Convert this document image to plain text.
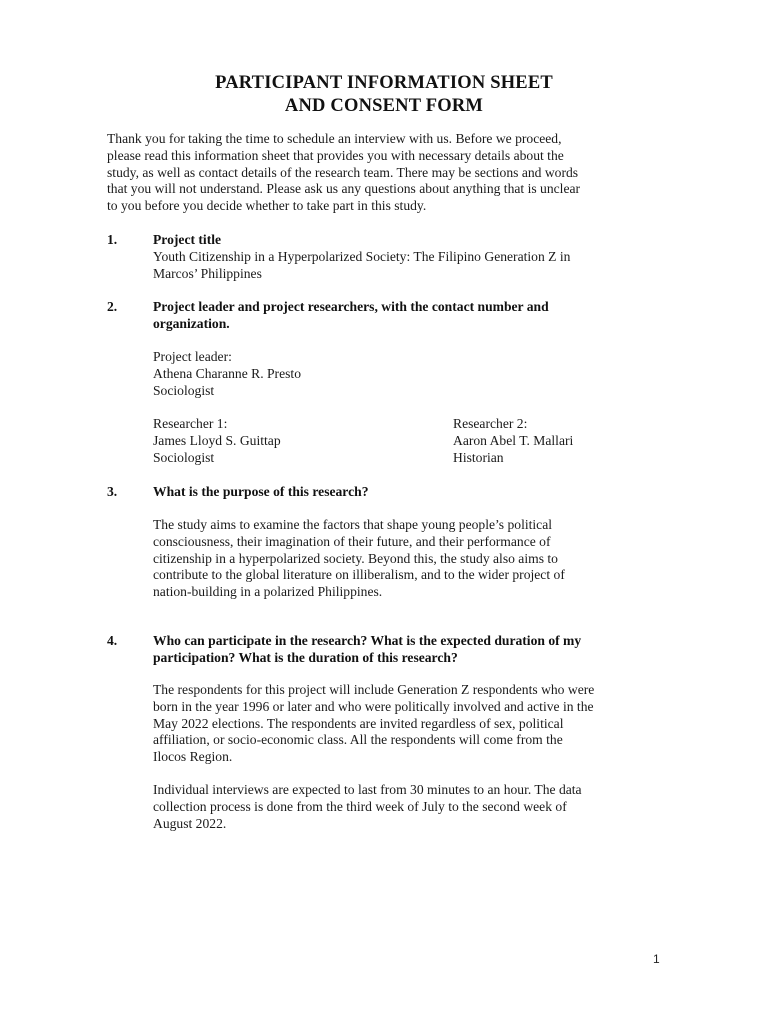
PARTICIPANT INFORMATION SHEET
AND CONSENT FORM
Thank you for taking the time to schedule an interview with us. Before we proceed,
please read this information sheet that provides you with necessary details about the
study, as well as contact details of the research team. There may be sections and words
that you will not understand. Please ask us any questions about anything that is unclear
to you before you decide whether to take part in this study.
1.	Project title
Youth Citizenship in a Hyperpolarized Society: The Filipino Generation Z in
Marcos’ Philippines
2.	Project leader and project researchers, with the contact number and
organization.
Project leader:
Athena Charanne R. Presto
Sociologist
Researcher 1:
James Lloyd S. Guittap
Sociologist
Researcher 2:
Aaron Abel T. Mallari
Historian
3.	What is the purpose of this research?
The study aims to examine the factors that shape young people’s political
consciousness, their imagination of their future, and their performance of
citizenship in a hyperpolarized society. Beyond this, the study also aims to
contribute to the global literature on illiberalism, and to the wider project of
nation-building in a polarized Philippines.
4.	Who can participate in the research? What is the expected duration of my
participation? What is the duration of this research?
The respondents for this project will include Generation Z respondents who were
born in the year 1996 or later and who were politically involved and active in the
May 2022 elections. The respondents are invited regardless of sex, political
affiliation, or socio-economic class. All the respondents will come from the
Ilocos Region.
Individual interviews are expected to last from 30 minutes to an hour. The data
collection process is done from the third week of July to the second week of
August 2022.
1
